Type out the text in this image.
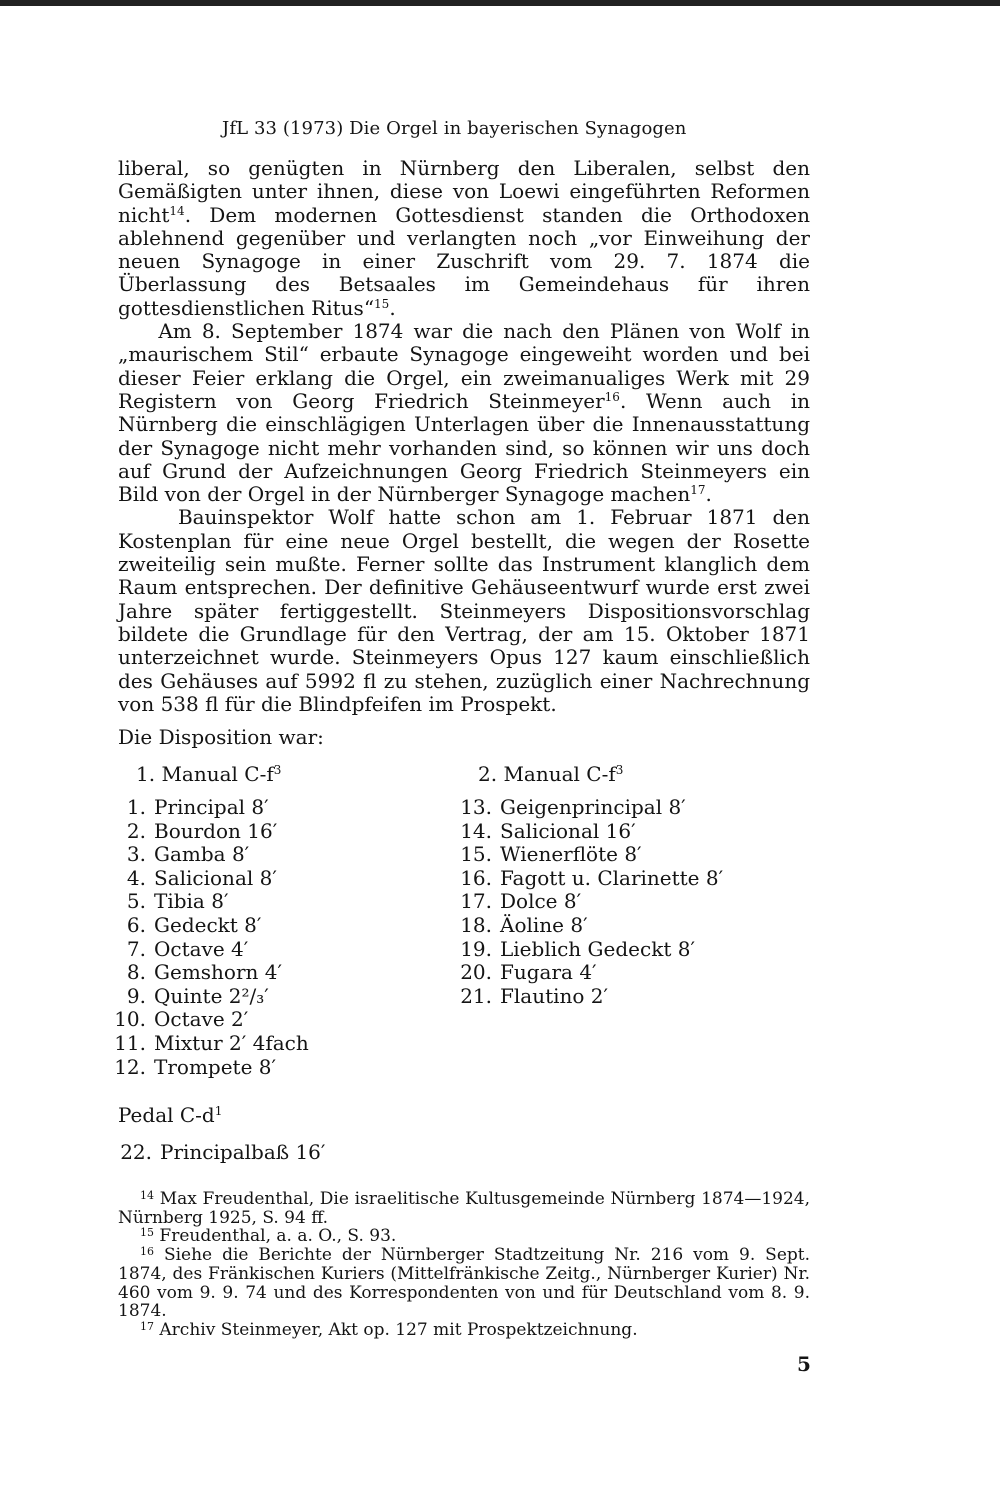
JfL 33 (1973) Die Orgel in bayerischen Synagogen

liberal, so genügten in Nürnberg den Liberalen, selbst den Gemäßigten unter ihnen, diese von Loewi eingeführten Reformen nicht$^{14}$. Dem modernen Gottesdienst standen die Orthodoxen ablehnend gegenüber und verlangten noch „vor Einweihung der neuen Synagoge in einer Zuschrift vom 29. 7. 1874 die Überlassung des Betsaales im Gemeindehaus für ihren gottesdienstlichen Ritus“$^{15}$.

Am 8. September 1874 war die nach den Plänen von Wolf in „maurischem Stil“ erbaute Synagoge eingeweiht worden und bei dieser Feier erklang die Orgel, ein zweimanualiges Werk mit 29 Registern von Georg Friedrich Steinmeyer$^{16}$. Wenn auch in Nürnberg die einschlägigen Unterlagen über die Innenausstattung der Synagoge nicht mehr vorhanden sind, so können wir uns doch auf Grund der Aufzeichnungen Georg Friedrich Steinmeyers ein Bild von der Orgel in der Nürnberger Synagoge machen$^{17}$.

Bauinspektor Wolf hatte schon am 1. Februar 1871 den Kostenplan für eine neue Orgel bestellt, die wegen der Rosette zweiteilig sein mußte. Ferner sollte das Instrument klanglich dem Raum entsprechen. Der definitive Gehäuseentwurf wurde erst zwei Jahre später fertiggestellt. Steinmeyers Dispositionsvorschlag bildete die Grundlage für den Vertrag, der am 15. Oktober 1871 unterzeichnet wurde. Steinmeyers Opus 127 kaum einschließlich des Gehäuses auf 5992 fl zu stehen, zuzüglich einer Nachrechnung von 538 fl für die Blindpfeifen im Prospekt.

Die Disposition war:
1. Manual $C-f^3$	2. Manual $C-f^3$
1. Principal 8′
2. Bourdon 16′
3. Gamba 8′
4. Salicional 8′
5. Tibia 8′
6. Gedeckt 8′
7. Octave 4′
8. Gemshorn 4′
9. Quinte 2²/₃′
10. Octave 2′
11. Mixtur 2′ 4fach
12. Trompete 8′
13. Geigenprincipal 8′
14. Salicional 16′
15. Wienerflöte 8′
16. Fagott u. Clarinette 8′
17. Dolce 8′
18. Äoline 8′
19. Lieblich Gedeckt 8′
20. Fugara 4′
21. Flautino 2′
Pedal $C-d^1$
22. Principalbaß 16′

$^{14}$ Max Freudenthal, Die israelitische Kultusgemeinde Nürnberg 1874—1924, Nürnberg 1925, S. 94 ff.

$^{15}$ Freudenthal, a. a. O., S. 93.

$^{16}$ Siehe die Berichte der Nürnberger Stadtzeitung Nr. 216 vom 9. Sept. 1874, des Fränkischen Kuriers (Mittelfränkische Zeitg., Nürnberger Kurier) Nr. 460 vom 9. 9. 74 und des Korrespondenten von und für Deutschland vom 8. 9. 1874.

$^{17}$ Archiv Steinmeyer, Akt op. 127 mit Prospektzeichnung.

5
